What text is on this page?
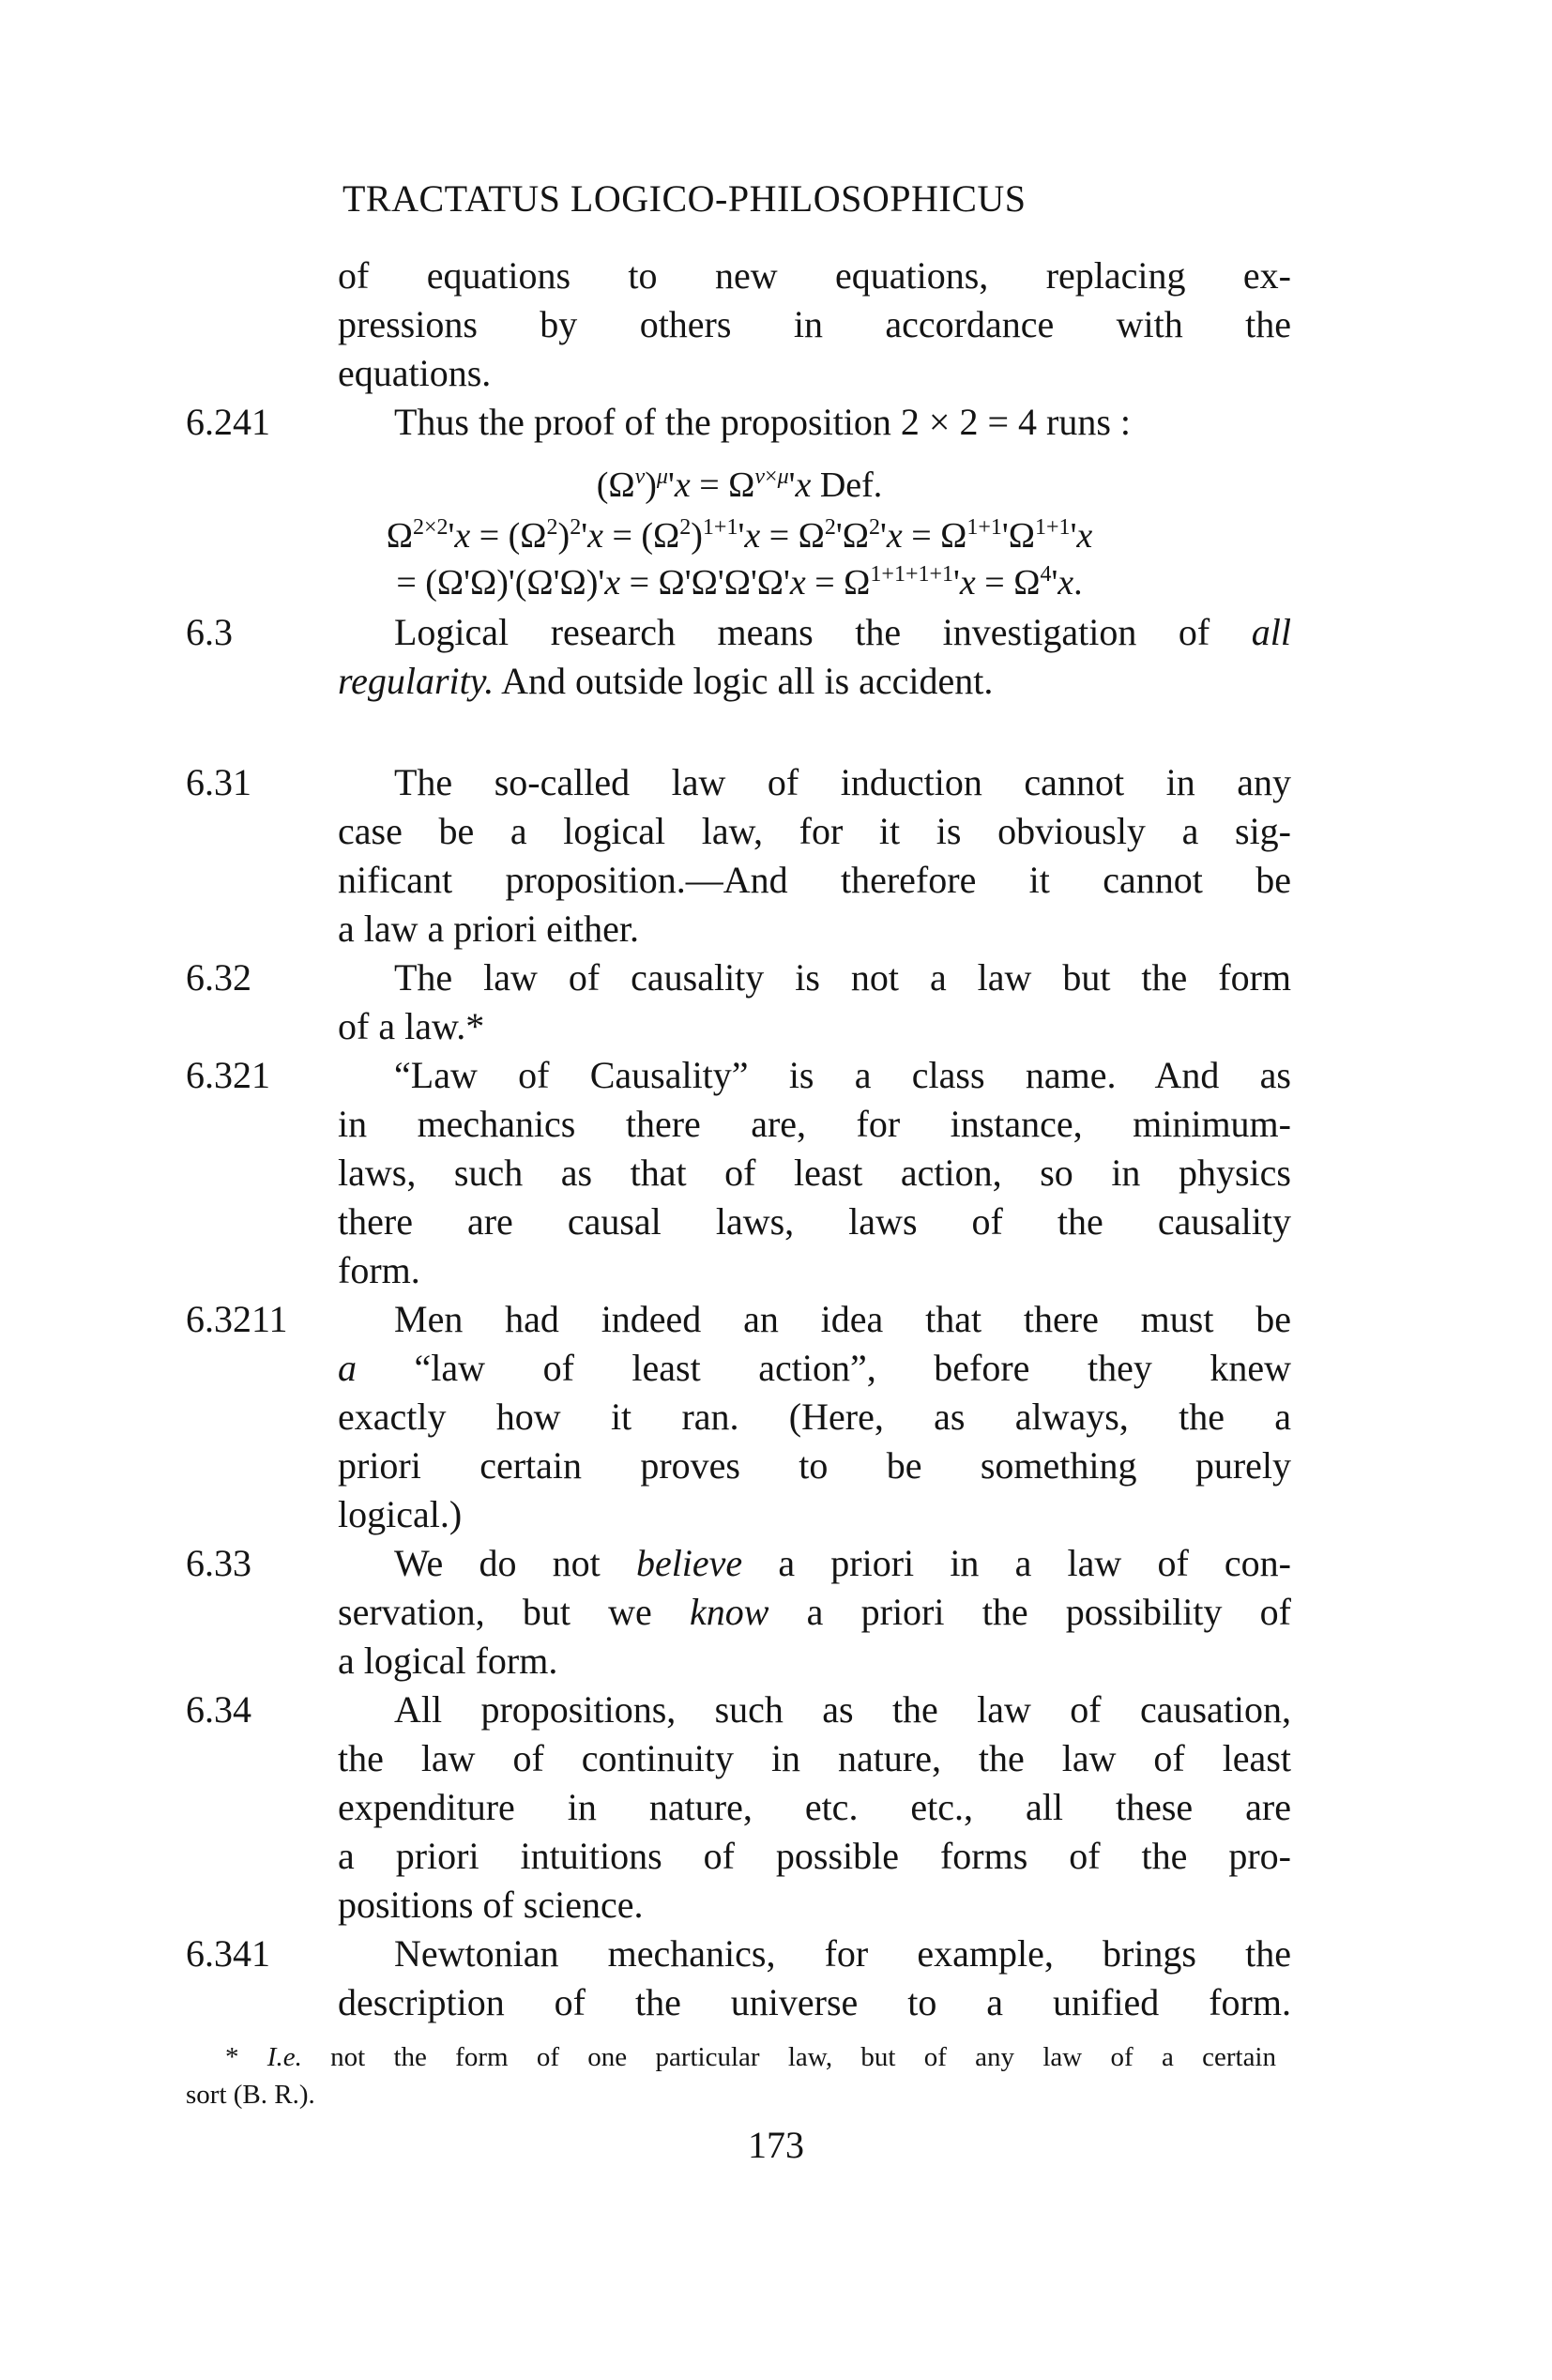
TRACTATUS LOGICO-PHILOSOPHICUS
of equations to new equations, replacing ex-
pressions by others in accordance with the
equations.
6.241	Thus the proof of the proposition 2 × 2 = 4 runs :
$(\Omega^\nu)^\mu'x = \Omega^{\nu\times\mu}'x$ Def.
$\Omega^{2\times 2}'x = (\Omega^2)^2'x = (\Omega^2)^{1+1}'x = \Omega^2'\Omega^2'x = \Omega^{1+1}'\Omega^{1+1}'x$
= $(\Omega'\Omega)'(\Omega'\Omega)'x = \Omega'\Omega'\Omega'\Omega'x = \Omega^{1+1+1+1}'x = \Omega^4'x$.
6.3	Logical research means the investigation of all
regularity. And outside logic all is accident.
6.31	The so-called law of induction cannot in any
case be a logical law, for it is obviously a sig-
nificant proposition.—And therefore it cannot be
a law a priori either.
6.32	The law of causality is not a law but the form
of a law.*
6.321	“Law of Causality” is a class name. And as
in mechanics there are, for instance, minimum-
laws, such as that of least action, so in physics
there are causal laws, laws of the causality
form.
6.3211	Men had indeed an idea that there must be
a “law of least action”, before they knew
exactly how it ran. (Here, as always, the a
priori certain proves to be something purely
logical.)
6.33	We do not believe a priori in a law of con-
servation, but we know a priori the possibility of
a logical form.
6.34	All propositions, such as the law of causation,
the law of continuity in nature, the law of least
expenditure in nature, etc. etc., all these are
a priori intuitions of possible forms of the pro-
positions of science.
6.341	Newtonian mechanics, for example, brings the
description of the universe to a unified form.
* I.e. not the form of one particular law, but of any law of a certain
sort (B. R.).
173
